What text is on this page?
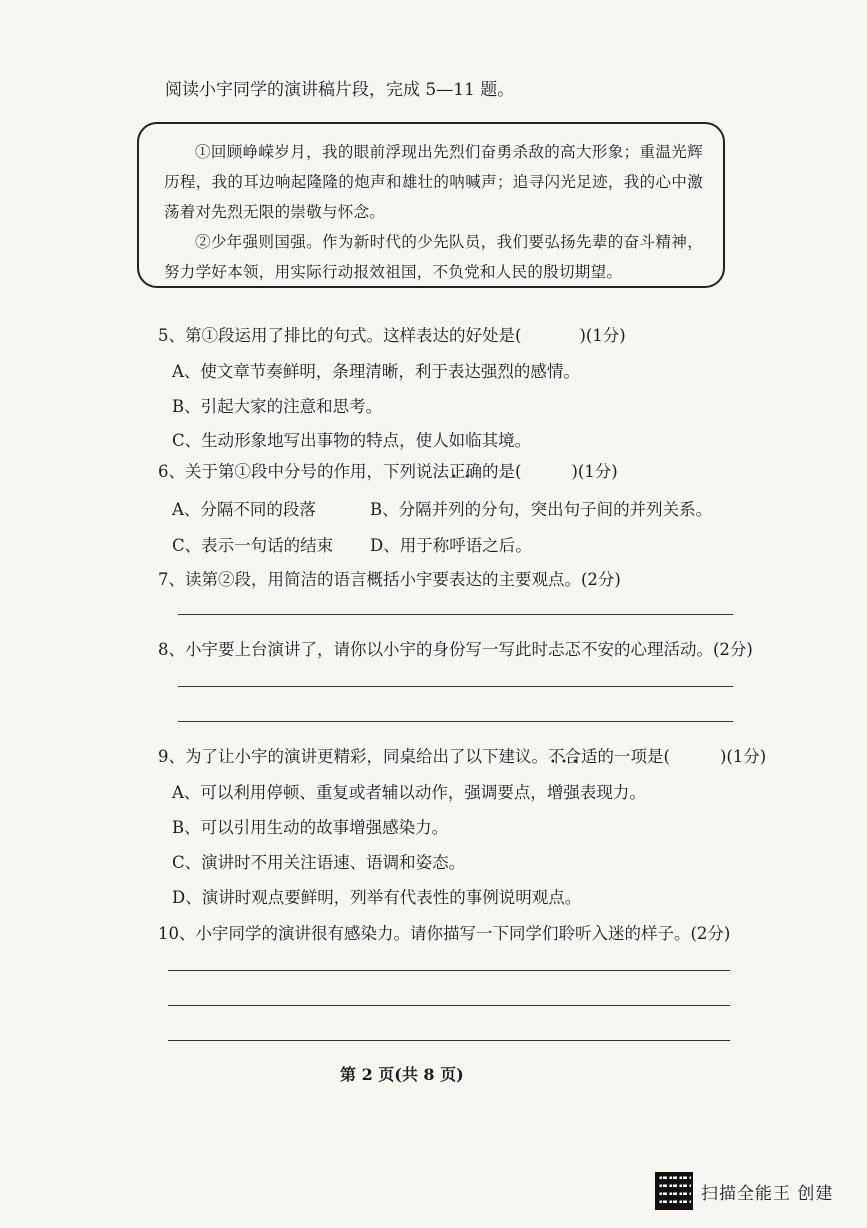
阅读小宇同学的演讲稿片段，完成 5—11 题。

①回顾峥嵘岁月，我的眼前浮现出先烈们奋勇杀敌的高大形象；重温光辉历程，我的耳边响起隆隆的炮声和雄壮的呐喊声；追寻闪光足迹，我的心中激荡着对先烈无限的崇敬与怀念。

②少年强则国强。作为新时代的少先队员，我们要弘扬先辈的奋斗精神，努力学好本领，用实际行动报效祖国，不负党和人民的殷切期望。

5、第①段运用了排比的句式。这样表达的好处是(	)(1分)
A、使文章节奏鲜明，条理清晰，利于表达强烈的感情。
B、引起大家的注意和思考。
C、生动形象地写出事物的特点，使人如临其境。
6、关于第①段中分号的作用，下列说法正确 • •的是(	)(1分)
A、分隔不同的段落	B、分隔并列的分句，突出句子间的并列关系。
C、表示一句话的结束 D、用于称呼语之后。
7、读第②段，用简洁的语言概括小宇要表达的主要观点。(2分)
8、小宇要上台演讲了，请你以小宇的身份写一写此时忐忑不安的心理活动。(2分)
9、为了让小宇的演讲更精彩，同桌给出了以下建议。不合适 • • •的一项是(	)(1分)
A、可以利用停顿、重复或者辅以动作，强调要点，增强表现力。
B、可以引用生动的故事增强感染力。
C、演讲时不用关注语速、语调和姿态。
D、演讲时观点要鲜明，列举有代表性的事例说明观点。
10、小宇同学的演讲很有感染力。请你描写一下同学们聆听入迷的样子。(2分)
第 2 页(共 8 页)
扫描全能王 创建
